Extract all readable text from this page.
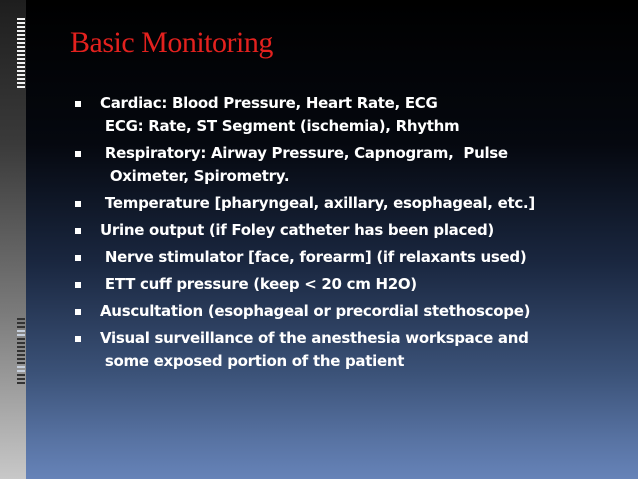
Basic Monitoring
Cardiac: Blood Pressure, Heart Rate, ECG
ECG: Rate, ST Segment (ischemia), Rhythm
Respiratory: Airway Pressure, Capnogram,  Pulse
Oximeter, Spirometry.
Temperature [pharyngeal, axillary, esophageal, etc.]
Urine output (if Foley catheter has been placed)
Nerve stimulator [face, forearm] (if relaxants used)
ETT cuff pressure (keep < 20 cm H2O)
Auscultation (esophageal or precordial stethoscope)
Visual surveillance of the anesthesia workspace and
some exposed portion of the patient
